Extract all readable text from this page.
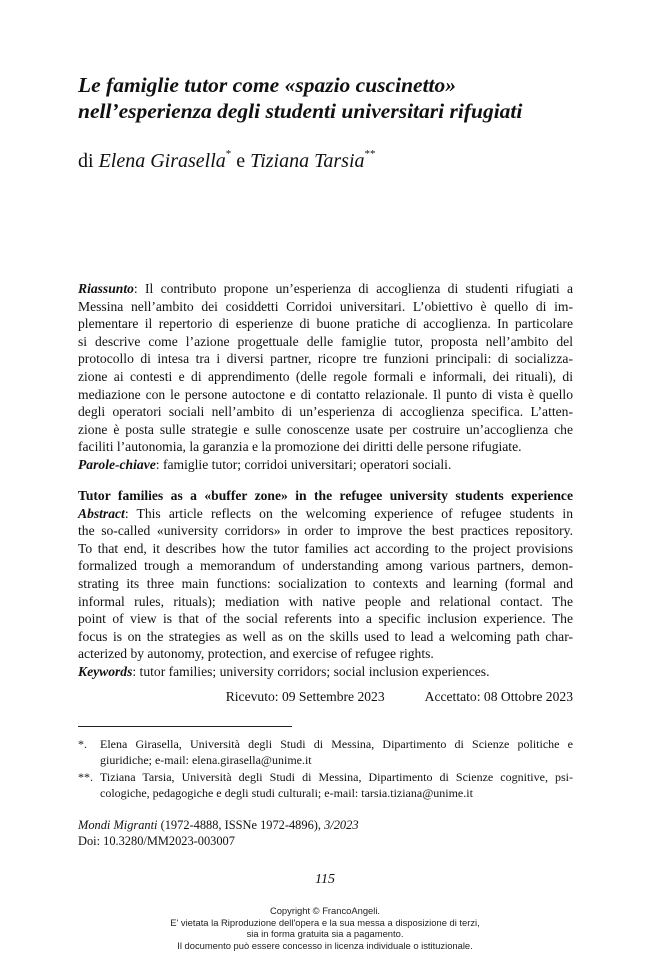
Le famiglie tutor come «spazio cuscinetto»
nell’esperienza degli studenti universitari rifugiati
di Elena Girasella* e Tiziana Tarsia**
Riassunto: Il contributo propone un’esperienza di accoglienza di studenti rifugiati a
Messina nell’ambito dei cosiddetti Corridoi universitari. L’obiettivo è quello di im-
plementare il repertorio di esperienze di buone pratiche di accoglienza. In particolare
si descrive come l’azione progettuale delle famiglie tutor, proposta nell’ambito del
protocollo di intesa tra i diversi partner, ricopre tre funzioni principali: di socializza-
zione ai contesti e di apprendimento (delle regole formali e informali, dei rituali), di
mediazione con le persone autoctone e di contatto relazionale. Il punto di vista è quello
degli operatori sociali nell’ambito di un’esperienza di accoglienza specifica. L’atten-
zione è posta sulle strategie e sulle conoscenze usate per costruire un’accoglienza che
faciliti l’autonomia, la garanzia e la promozione dei diritti delle persone rifugiate.
Parole-chiave: famiglie tutor; corridoi universitari; operatori sociali.
Tutor families as a «buffer zone» in the refugee university students experience
Abstract: This article reflects on the welcoming experience of refugee students in
the so-called «university corridors» in order to improve the best practices repository.
To that end, it describes how the tutor families act according to the project provisions
formalized trough a memorandum of understanding among various partners, demon-
strating its three main functions: socialization to contexts and learning (formal and
informal rules, rituals); mediation with native people and relational contact. The
point of view is that of the social referents into a specific inclusion experience. The
focus is on the strategies as well as on the skills used to lead a welcoming path char-
acterized by autonomy, protection, and exercise of refugee rights.
Keywords: tutor families; university corridors; social inclusion experiences.
Ricevuto: 09 Settembre 2023	Accettato: 08 Ottobre 2023
*.	Elena Girasella, Università degli Studi di Messina, Dipartimento di Scienze politiche e
giuridiche; e-mail: elena.girasella@unime.it
**. Tiziana Tarsia, Università degli Studi di Messina, Dipartimento di Scienze cognitive, psi-
cologiche, pedagogiche e degli studi culturali; e-mail: tarsia.tiziana@unime.it
Mondi Migranti (1972-4888, ISSNe 1972-4896), 3/2023
Doi: 10.3280/MM2023-003007
115
Copyright © FrancoAngeli.
E' vietata la Riproduzione dell'opera e la sua messa a disposizione di terzi,
sia in forma gratuita sia a pagamento.
Il documento può essere concesso in licenza individuale o istituzionale.
